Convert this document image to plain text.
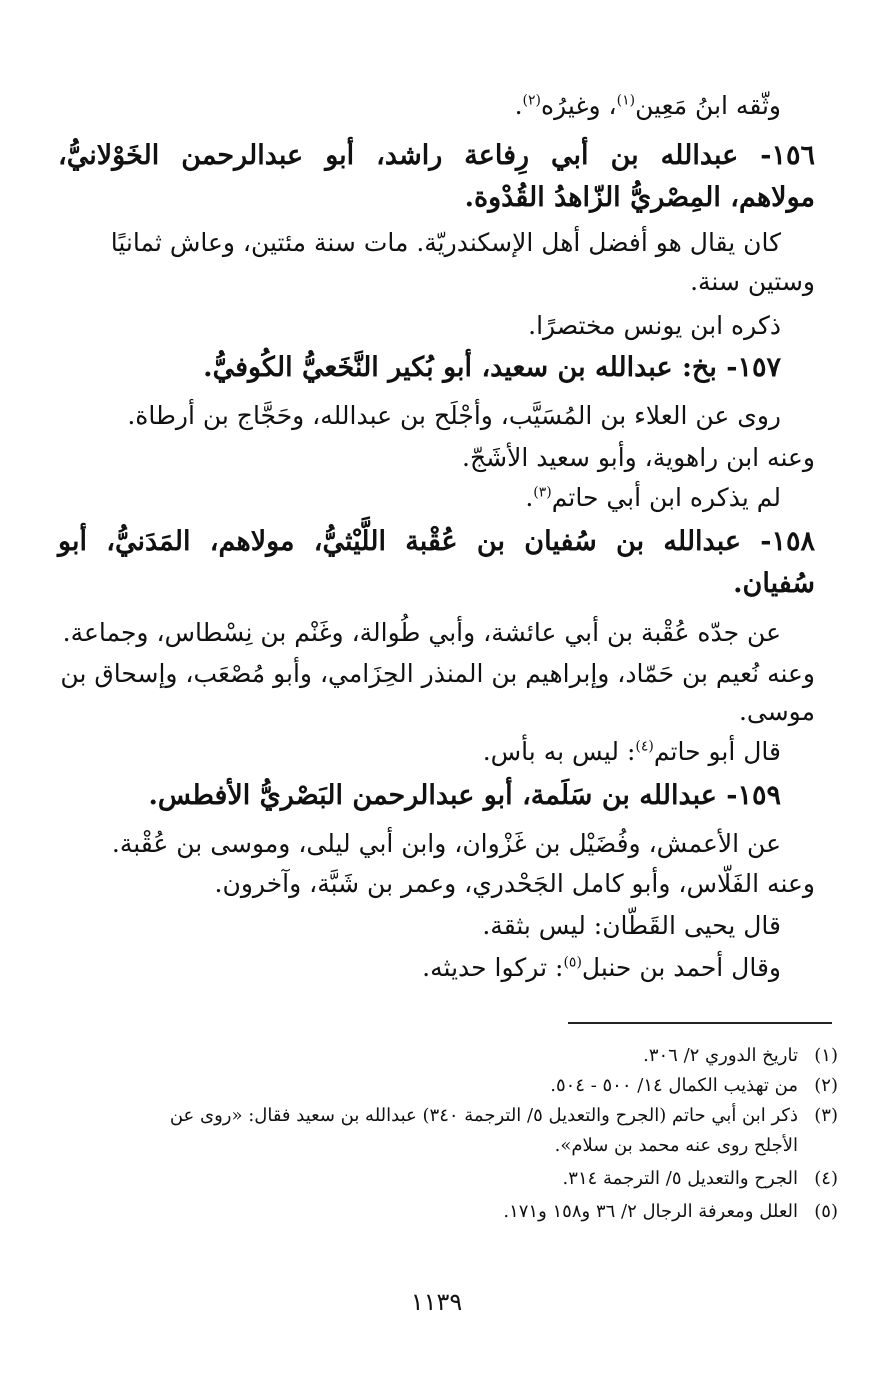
وثّقه ابنُ مَعِين$^{(١)}$، وغيرُه$^{(٢)}$.
١٥٦- عبدالله بن أبي رِفاعة راشد، أبو عبدالرحمن الخَوْلانيُّ،
مولاهم، المِصْريُّ الزّاهدُ القُدْوة.
كان يقال هو أفضل أهل الإسكندريّة. مات سنة مئتين، وعاش ثمانيًا
وستين سنة.
ذكره ابن يونس مختصرًا.
١٥٧- بخ: عبدالله بن سعيد، أبو بُكير النَّخَعيُّ الكُوفيُّ.
روى عن العلاء بن المُسَيَّب، وأجْلَح بن عبدالله، وحَجَّاج بن أرطاة.
وعنه ابن راهوية، وأبو سعيد الأشَجّ.
لم يذكره ابن أبي حاتم$^{(٣)}$.
١٥٨- عبدالله بن سُفيان بن عُقْبة اللَّيْثيُّ، مولاهم، المَدَنيُّ، أبو
سُفيان.
عن جدّه عُقْبة بن أبي عائشة، وأبي طُوالة، وغَنْم بن نِسْطاس، وجماعة.
وعنه نُعيم بن حَمّاد، وإبراهيم بن المنذر الحِزَامي، وأبو مُصْعَب، وإسحاق بن
موسى.
قال أبو حاتم$^{(٤)}$: ليس به بأس.
١٥٩- عبدالله بن سَلَمة، أبو عبدالرحمن البَصْريُّ الأفطس.
عن الأعمش، وفُضَيْل بن غَزْوان، وابن أبي ليلى، وموسى بن عُقْبة.
وعنه الفَلّاس، وأبو كامل الجَحْدري، وعمر بن شَبَّة، وآخرون.
قال يحيى القَطّان: ليس بثقة.
وقال أحمد بن حنبل$^{(٥)}$: تركوا حديثه.
(١)تاريخ الدوري ٢/ ٣٠٦.
(٢)من تهذيب الكمال ١٤/ ٥٠٠ - ٥٠٤.
(٣)ذكر ابن أبي حاتم (الجرح والتعديل ٥/ الترجمة ٣٤٠) عبدالله بن سعيد فقال: «روى عن
الأجلح روى عنه محمد بن سلام».
(٤)الجرح والتعديل ٥/ الترجمة ٣١٤.
(٥)العلل ومعرفة الرجال ٢/ ٣٦ و١٥٨ و١٧١.
١١٣٩
